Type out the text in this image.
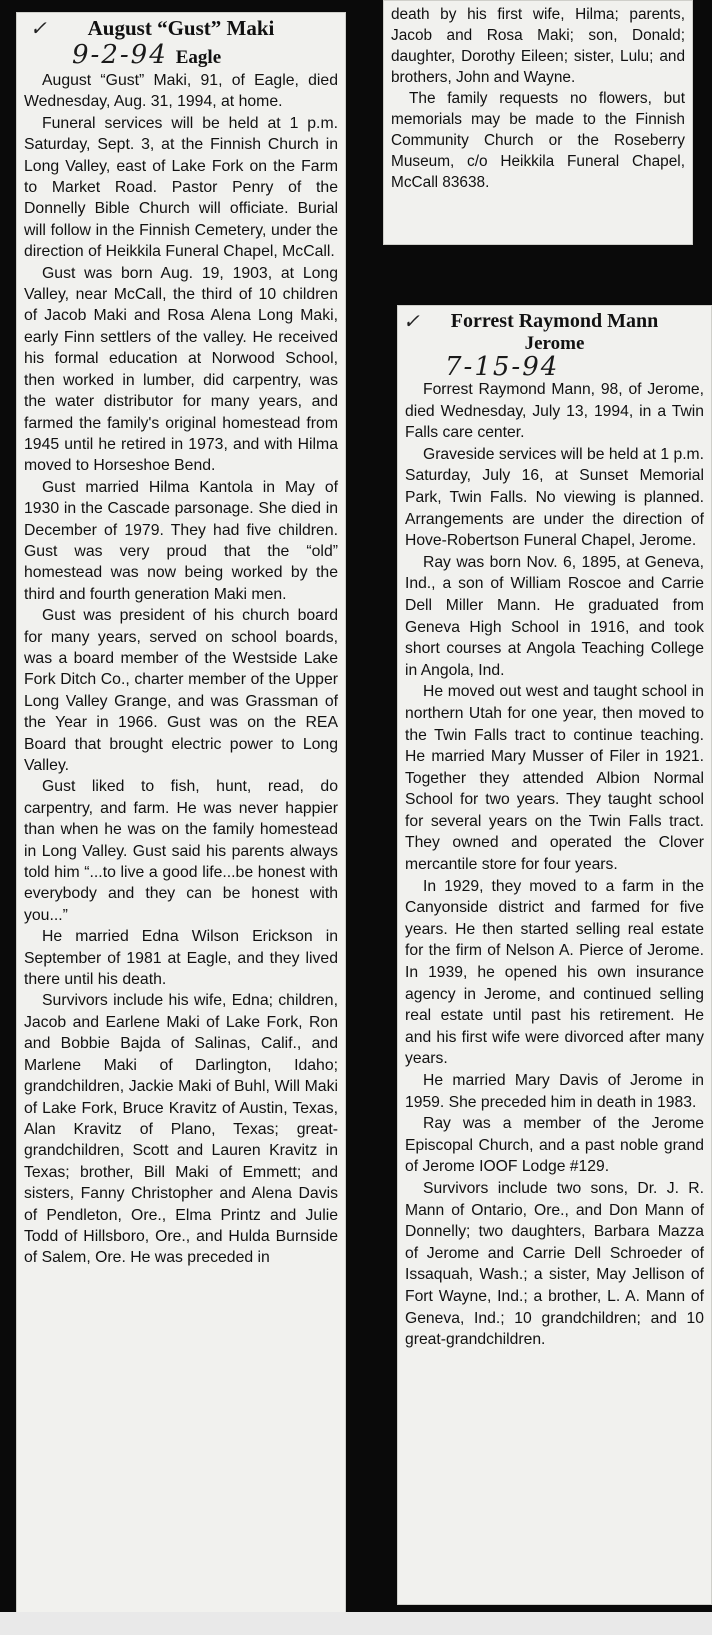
✓	August “Gust” Maki

9-2-94 Eagle

August “Gust” Maki, 91, of Eagle, died Wednesday, Aug. 31, 1994, at home.

Funeral services will be held at 1 p.m. Saturday, Sept. 3, at the Finnish Church in Long Valley, east of Lake Fork on the Farm to Market Road. Pastor Penry of the Donnelly Bible Church will officiate. Burial will follow in the Finnish Cemetery, under the direction of Heikkila Funeral Chapel, McCall.

Gust was born Aug. 19, 1903, at Long Valley, near McCall, the third of 10 children of Jacob Maki and Rosa Alena Long Maki, early Finn settlers of the valley. He received his formal education at Norwood School, then worked in lumber, did carpentry, was the water distributor for many years, and farmed the family's original homestead from 1945 until he retired in 1973, and with Hilma moved to Horseshoe Bend.

Gust married Hilma Kantola in May of 1930 in the Cascade parsonage. She died in December of 1979. They had five children. Gust was very proud that the “old” homestead was now being worked by the third and fourth generation Maki men.

Gust was president of his church board for many years, served on school boards, was a board member of the Westside Lake Fork Ditch Co., charter member of the Upper Long Valley Grange, and was Grassman of the Year in 1966. Gust was on the REA Board that brought electric power to Long Valley.

Gust liked to fish, hunt, read, do carpentry, and farm. He was never happier than when he was on the family homestead in Long Valley. Gust said his parents always told him “...to live a good life...be honest with everybody and they can be honest with you...”

He married Edna Wilson Erickson in September of 1981 at Eagle, and they lived there until his death.

Survivors include his wife, Edna; children, Jacob and Earlene Maki of Lake Fork, Ron and Bobbie Bajda of Salinas, Calif., and Marlene Maki of Darlington, Idaho; grandchildren, Jackie Maki of Buhl, Will Maki of Lake Fork, Bruce Kravitz of Austin, Texas, Alan Kravitz of Plano, Texas; great-grandchildren, Scott and Lauren Kravitz in Texas; brother, Bill Maki of Emmett; and sisters, Fanny Christopher and Alena Davis of Pendleton, Ore., Elma Printz and Julie Todd of Hillsboro, Ore., and Hulda Burnside of Salem, Ore. He was preceded in

death by his first wife, Hilma; parents, Jacob and Rosa Maki; son, Donald; daughter, Dorothy Eileen; sister, Lulu; and brothers, John and Wayne.

The family requests no flowers, but memorials may be made to the Finnish Community Church or the Roseberry Museum, c/o Heikkila Funeral Chapel, McCall 83638.

✓	Forrest Raymond Mann

Jerome

7-15-94

Forrest Raymond Mann, 98, of Jerome, died Wednesday, July 13, 1994, in a Twin Falls care center.

Graveside services will be held at 1 p.m. Saturday, July 16, at Sunset Memorial Park, Twin Falls. No viewing is planned. Arrangements are under the direction of Hove-Robertson Funeral Chapel, Jerome.

Ray was born Nov. 6, 1895, at Geneva, Ind., a son of William Roscoe and Carrie Dell Miller Mann. He graduated from Geneva High School in 1916, and took short courses at Angola Teaching College in Angola, Ind.

He moved out west and taught school in northern Utah for one year, then moved to the Twin Falls tract to continue teaching. He married Mary Musser of Filer in 1921. Together they attended Albion Normal School for two years. They taught school for several years on the Twin Falls tract. They owned and operated the Clover mercantile store for four years.

In 1929, they moved to a farm in the Canyonside district and farmed for five years. He then started selling real estate for the firm of Nelson A. Pierce of Jerome. In 1939, he opened his own insurance agency in Jerome, and continued selling real estate until past his retirement. He and his first wife were divorced after many years.

He married Mary Davis of Jerome in 1959. She preceded him in death in 1983.

Ray was a member of the Jerome Episcopal Church, and a past noble grand of Jerome IOOF Lodge #129.

Survivors include two sons, Dr. J. R. Mann of Ontario, Ore., and Don Mann of Donnelly; two daughters, Barbara Mazza of Jerome and Carrie Dell Schroeder of Issaquah, Wash.; a sister, May Jellison of Fort Wayne, Ind.; a brother, L. A. Mann of Geneva, Ind.; 10 grandchildren; and 10 great-grandchildren.
